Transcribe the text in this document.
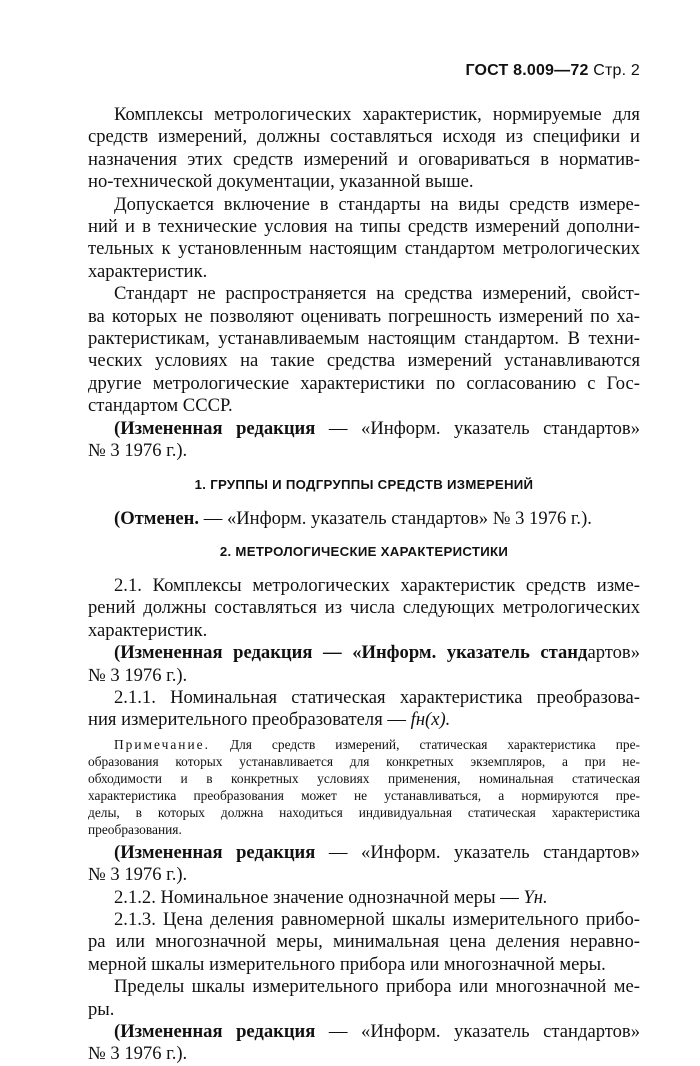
ГОСТ 8.009—72 Стр. 2
Комплексы метрологических характеристик, нормируемые для
средств измерений, должны составляться исходя из специфики и
назначения этих средств измерений и оговариваться в норматив-
но-технической документации, указанной выше.
Допускается включение в стандарты на виды средств измере-
ний и в технические условия на типы средств измерений дополни-
тельных к установленным настоящим стандартом метрологических
характеристик.
Стандарт не распространяется на средства измерений, свойст-
ва которых не позволяют оценивать погрешность измерений по ха-
рактеристикам, устанавливаемым настоящим стандартом. В техни-
ческих условиях на такие средства измерений устанавливаются
другие метрологические характеристики по согласованию с Гос-
стандартом СССР.
(Измененная редакция — «Информ. указатель стандартов»
№ 3 1976 г.).
1. ГРУППЫ И ПОДГРУППЫ СРЕДСТВ ИЗМЕРЕНИЙ
(Отменен. — «Информ. указатель стандартов» № 3 1976 г.).
2. МЕТРОЛОГИЧЕСКИЕ ХАРАКТЕРИСТИКИ
2.1. Комплексы метрологических характеристик средств изме-
рений должны составляться из числа следующих метрологических
характеристик.
(Измененная редакция — «Информ. указатель стандартов»
№ 3 1976 г.).
2.1.1. Номинальная статическая характеристика преобразова-
ния измерительного преобразователя — fн(x).
Примечание. Для средств измерений, статическая характеристика пре-
образования которых устанавливается для конкретных экземпляров, а при не-
обходимости и в конкретных условиях применения, номинальная статическая
характеристика преобразования может не устанавливаться, а нормируются пре-
делы, в которых должна находиться индивидуальная статическая характеристика
преобразования.
(Измененная редакция — «Информ. указатель стандартов»
№ 3 1976 г.).
2.1.2. Номинальное значение однозначной меры — Yн.
2.1.3. Цена деления равномерной шкалы измерительного прибо-
ра или многозначной меры, минимальная цена деления неравно-
мерной шкалы измерительного прибора или многозначной меры.
Пределы шкалы измерительного прибора или многозначной ме-
ры.
(Измененная редакция — «Информ. указатель стандартов»
№ 3 1976 г.).
